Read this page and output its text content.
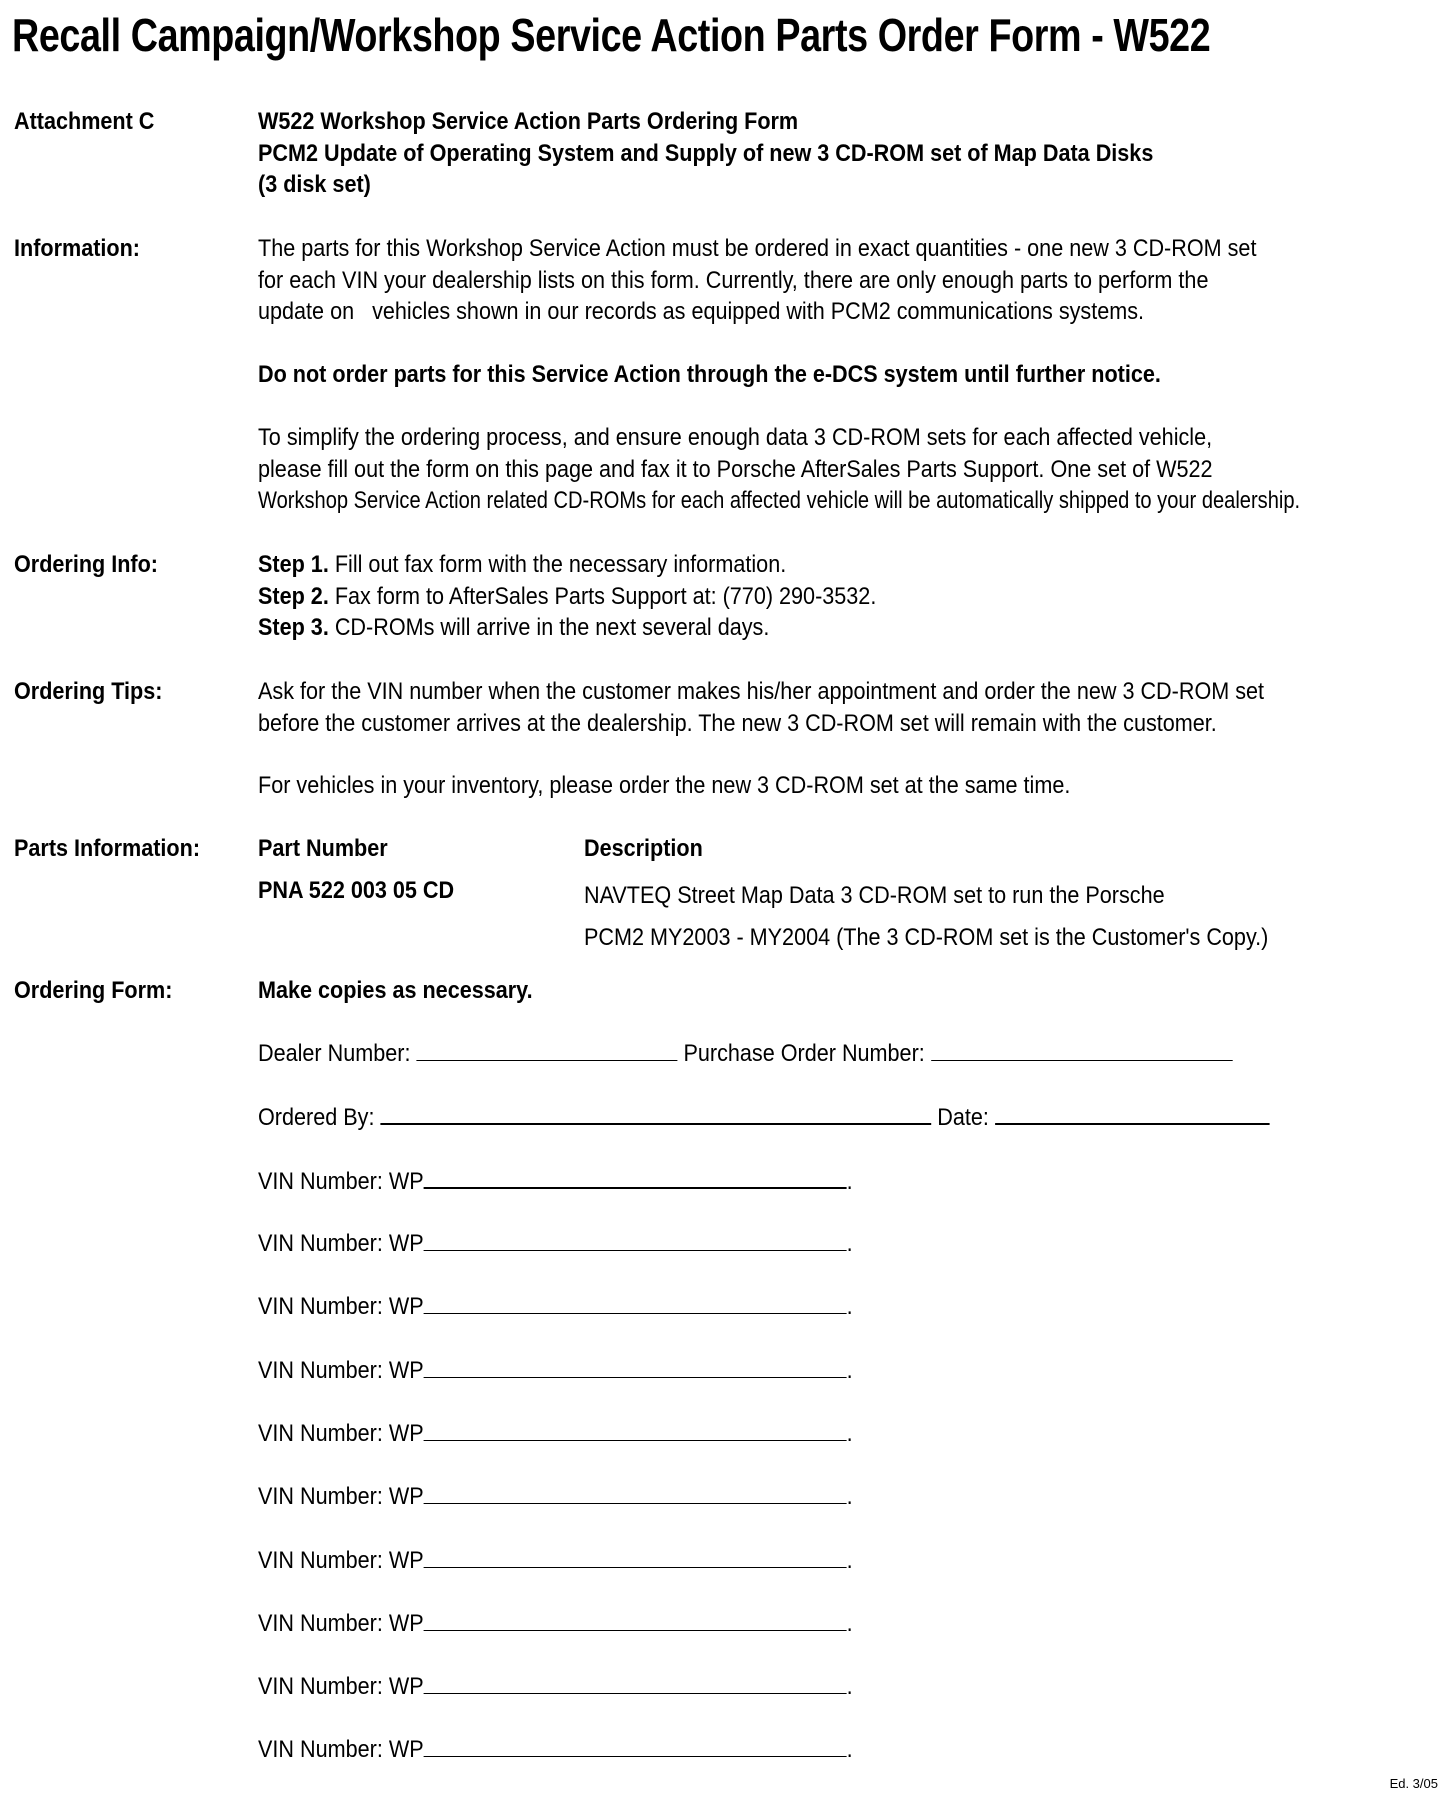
Recall Campaign/Workshop Service Action Parts Order Form - W522
Attachment C	W522 Workshop Service Action Parts Ordering Form
PCM2 Update of Operating System and Supply of new 3 CD-ROM set of Map Data Disks
(3 disk set)
Information:	The parts for this Workshop Service Action must be ordered in exact quantities - one new 3 CD-ROM set
for each VIN your dealership lists on this form. Currently, there are only enough parts to perform the
update on   vehicles shown in our records as equipped with PCM2 communications systems.
Do not order parts for this Service Action through the e-DCS system until further notice.
To simplify the ordering process, and ensure enough data 3 CD-ROM sets for each affected vehicle,
please fill out the form on this page and fax it to Porsche AfterSales Parts Support. One set of W522
Workshop Service Action related CD-ROMs for each affected vehicle will be automatically shipped to your dealership.
Ordering Info:	Step 1. Fill out fax form with the necessary information.
Step 2. Fax form to AfterSales Parts Support at: (770) 290-3532.
Step 3. CD-ROMs will arrive in the next several days.
Ordering Tips:	Ask for the VIN number when the customer makes his/her appointment and order the new 3 CD-ROM set
before the customer arrives at the dealership. The new 3 CD-ROM set will remain with the customer.
For vehicles in your inventory, please order the new 3 CD-ROM set at the same time.
Parts Information: Part Number	Description
PNA 522 003 05 CD	NAVTEQ Street Map Data 3 CD-ROM set to run the Porsche
PCM2 MY2003 - MY2004 (The 3 CD-ROM set is the Customer's Copy.)
Ordering Form:	Make copies as necessary.
Dealer Number:	Purchase Order Number:
Ordered By:	Date:
VIN Number: WP	.
VIN Number: WP	.
VIN Number: WP	.
VIN Number: WP	.
VIN Number: WP	.
VIN Number: WP	.
VIN Number: WP	.
VIN Number: WP	.
VIN Number: WP	.
VIN Number: WP	.
Ed. 3/05
